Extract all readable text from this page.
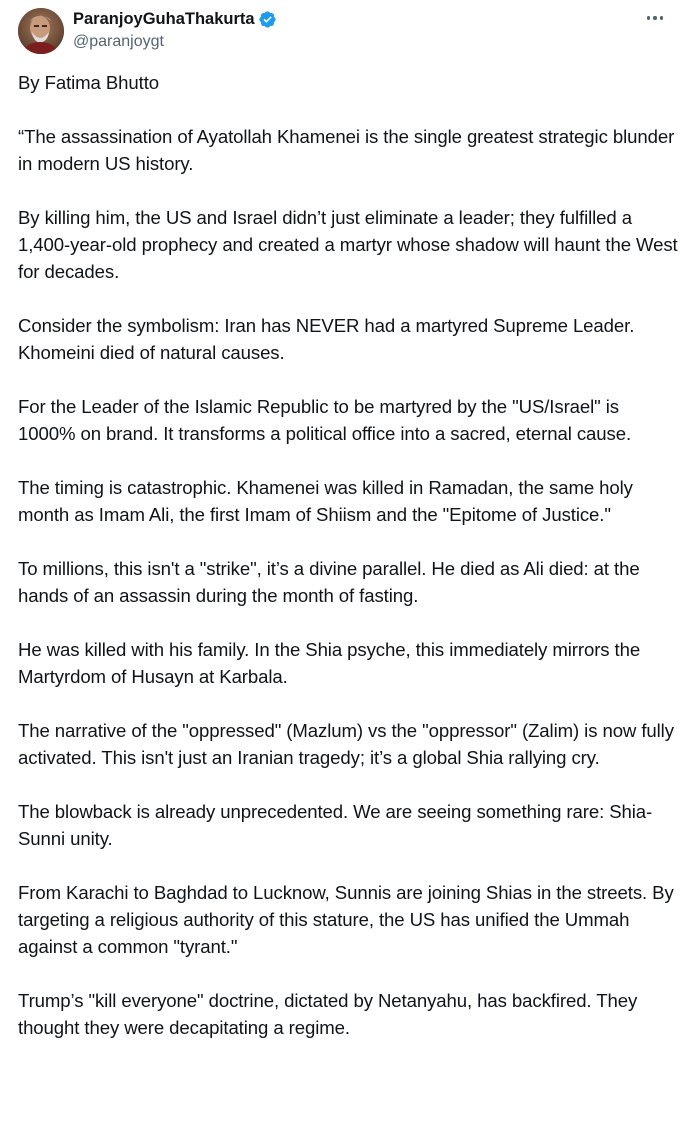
ParanjoyGuhaThakurta
@paranjoygt

By Fatima Bhutto

“The assassination of Ayatollah Khamenei is the single greatest strategic blunder in modern US history.

By killing him, the US and Israel didn’t just eliminate a leader; they fulfilled a 1,400-year-old prophecy and created a martyr whose shadow will haunt the West for decades.

Consider the symbolism: Iran has NEVER had a martyred Supreme Leader. Khomeini died of natural causes.

For the Leader of the Islamic Republic to be martyred by the "US/Israel" is 1000% on brand. It transforms a political office into a sacred, eternal cause.

The timing is catastrophic. Khamenei was killed in Ramadan, the same holy month as Imam Ali, the first Imam of Shiism and the "Epitome of Justice."

To millions, this isn't a "strike", it’s a divine parallel. He died as Ali died: at the hands of an assassin during the month of fasting.

He was killed with his family. In the Shia psyche, this immediately mirrors the Martyrdom of Husayn at Karbala.

The narrative of the "oppressed" (Mazlum) vs the "oppressor" (Zalim) is now fully activated. This isn't just an Iranian tragedy; it’s a global Shia rallying cry.

The blowback is already unprecedented. We are seeing something rare: Shia-Sunni unity.

From Karachi to Baghdad to Lucknow, Sunnis are joining Shias in the streets. By targeting a religious authority of this stature, the US has unified the Ummah against a common "tyrant."

Trump’s "kill everyone" doctrine, dictated by Netanyahu, has backfired. They thought they were decapitating a regime.
